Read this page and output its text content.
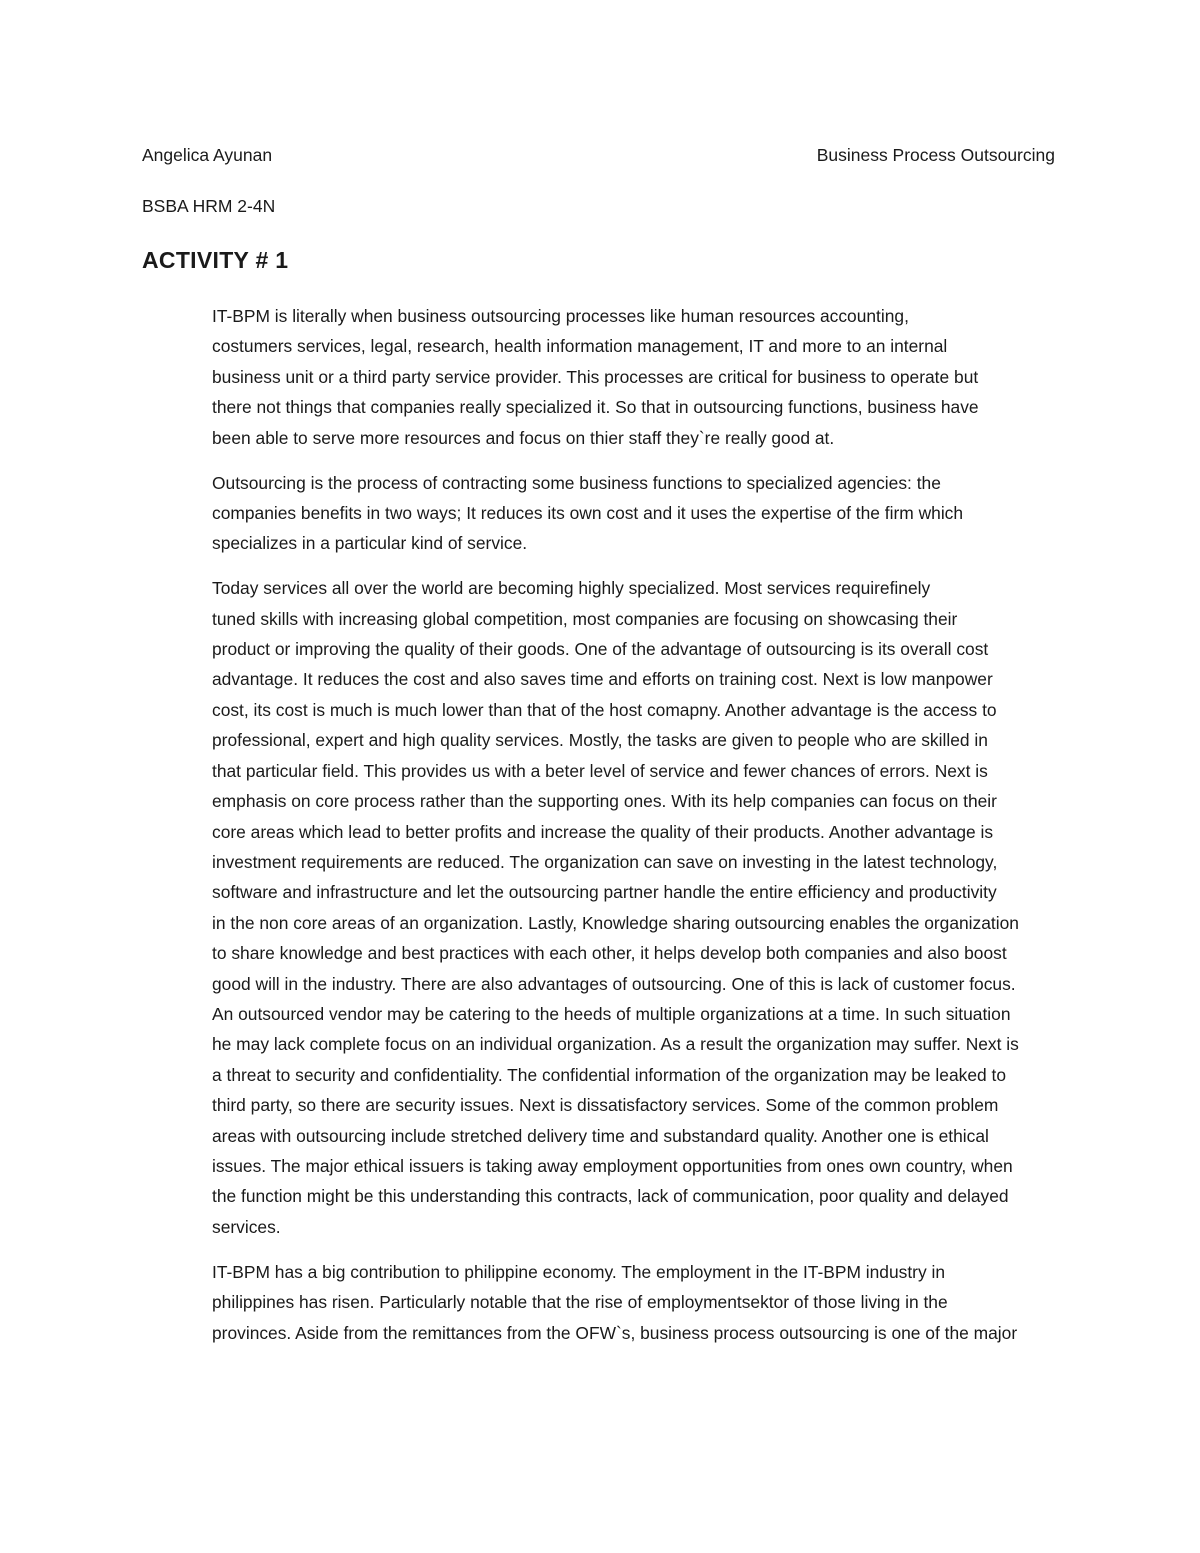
Angelica Ayunan	Business Process Outsourcing
BSBA HRM 2-4N
ACTIVITY # 1

IT-BPM is literally when business outsourcing processes like human resources accounting,
costumers services, legal, research, health information management, IT and more to an internal
business unit or a third party service provider. This processes are critical for business to operate but
there not things that companies really specialized it. So that in outsourcing functions, business have
been able to serve more resources and focus on thier staff they`re really good at.

Outsourcing is the process of contracting some business functions to specialized agencies: the
companies benefits in two ways; It reduces its own cost and it uses the expertise of the firm which
specializes in a particular kind of service.

Today services all over the world are becoming highly specialized. Most services requirefinely
tuned skills with increasing global competition, most companies are focusing on showcasing their
product or improving the quality of their goods. One of the advantage of outsourcing is its overall cost
advantage. It reduces the cost and also saves time and efforts on training cost. Next is low manpower
cost, its cost is much is much lower than that of the host comapny. Another advantage is the access to
professional, expert and high quality services. Mostly, the tasks are given to people who are skilled in
that particular field. This provides us with a beter level of service and fewer chances of errors. Next is
emphasis on core process rather than the supporting ones. With its help companies can focus on their
core areas which lead to better profits and increase the quality of their products. Another advantage is
investment requirements are reduced. The organization can save on investing in the latest technology,
software and infrastructure and let the outsourcing partner handle the entire efficiency and productivity
in the non core areas of an organization. Lastly, Knowledge sharing outsourcing enables the organization
to share knowledge and best practices with each other, it helps develop both companies and also boost
good will in the industry. There are also advantages of outsourcing. One of this is lack of customer focus.
An outsourced vendor may be catering to the heeds of multiple organizations at a time. In such situation
he may lack complete focus on an individual organization. As a result the organization may suffer. Next is
a threat to security and confidentiality. The confidential information of the organization may be leaked to
third party, so there are security issues. Next is dissatisfactory services. Some of the common problem
areas with outsourcing include stretched delivery time and substandard quality. Another one is ethical
issues. The major ethical issuers is taking away employment opportunities from ones own country, when
the function might be this understanding this contracts, lack of communication, poor quality and delayed
services.

IT-BPM has a big contribution to philippine economy. The employment in the IT-BPM industry in
philippines has risen. Particularly notable that the rise of employmentsektor of those living in the
provinces. Aside from the remittances from the OFW`s, business process outsourcing is one of the major
